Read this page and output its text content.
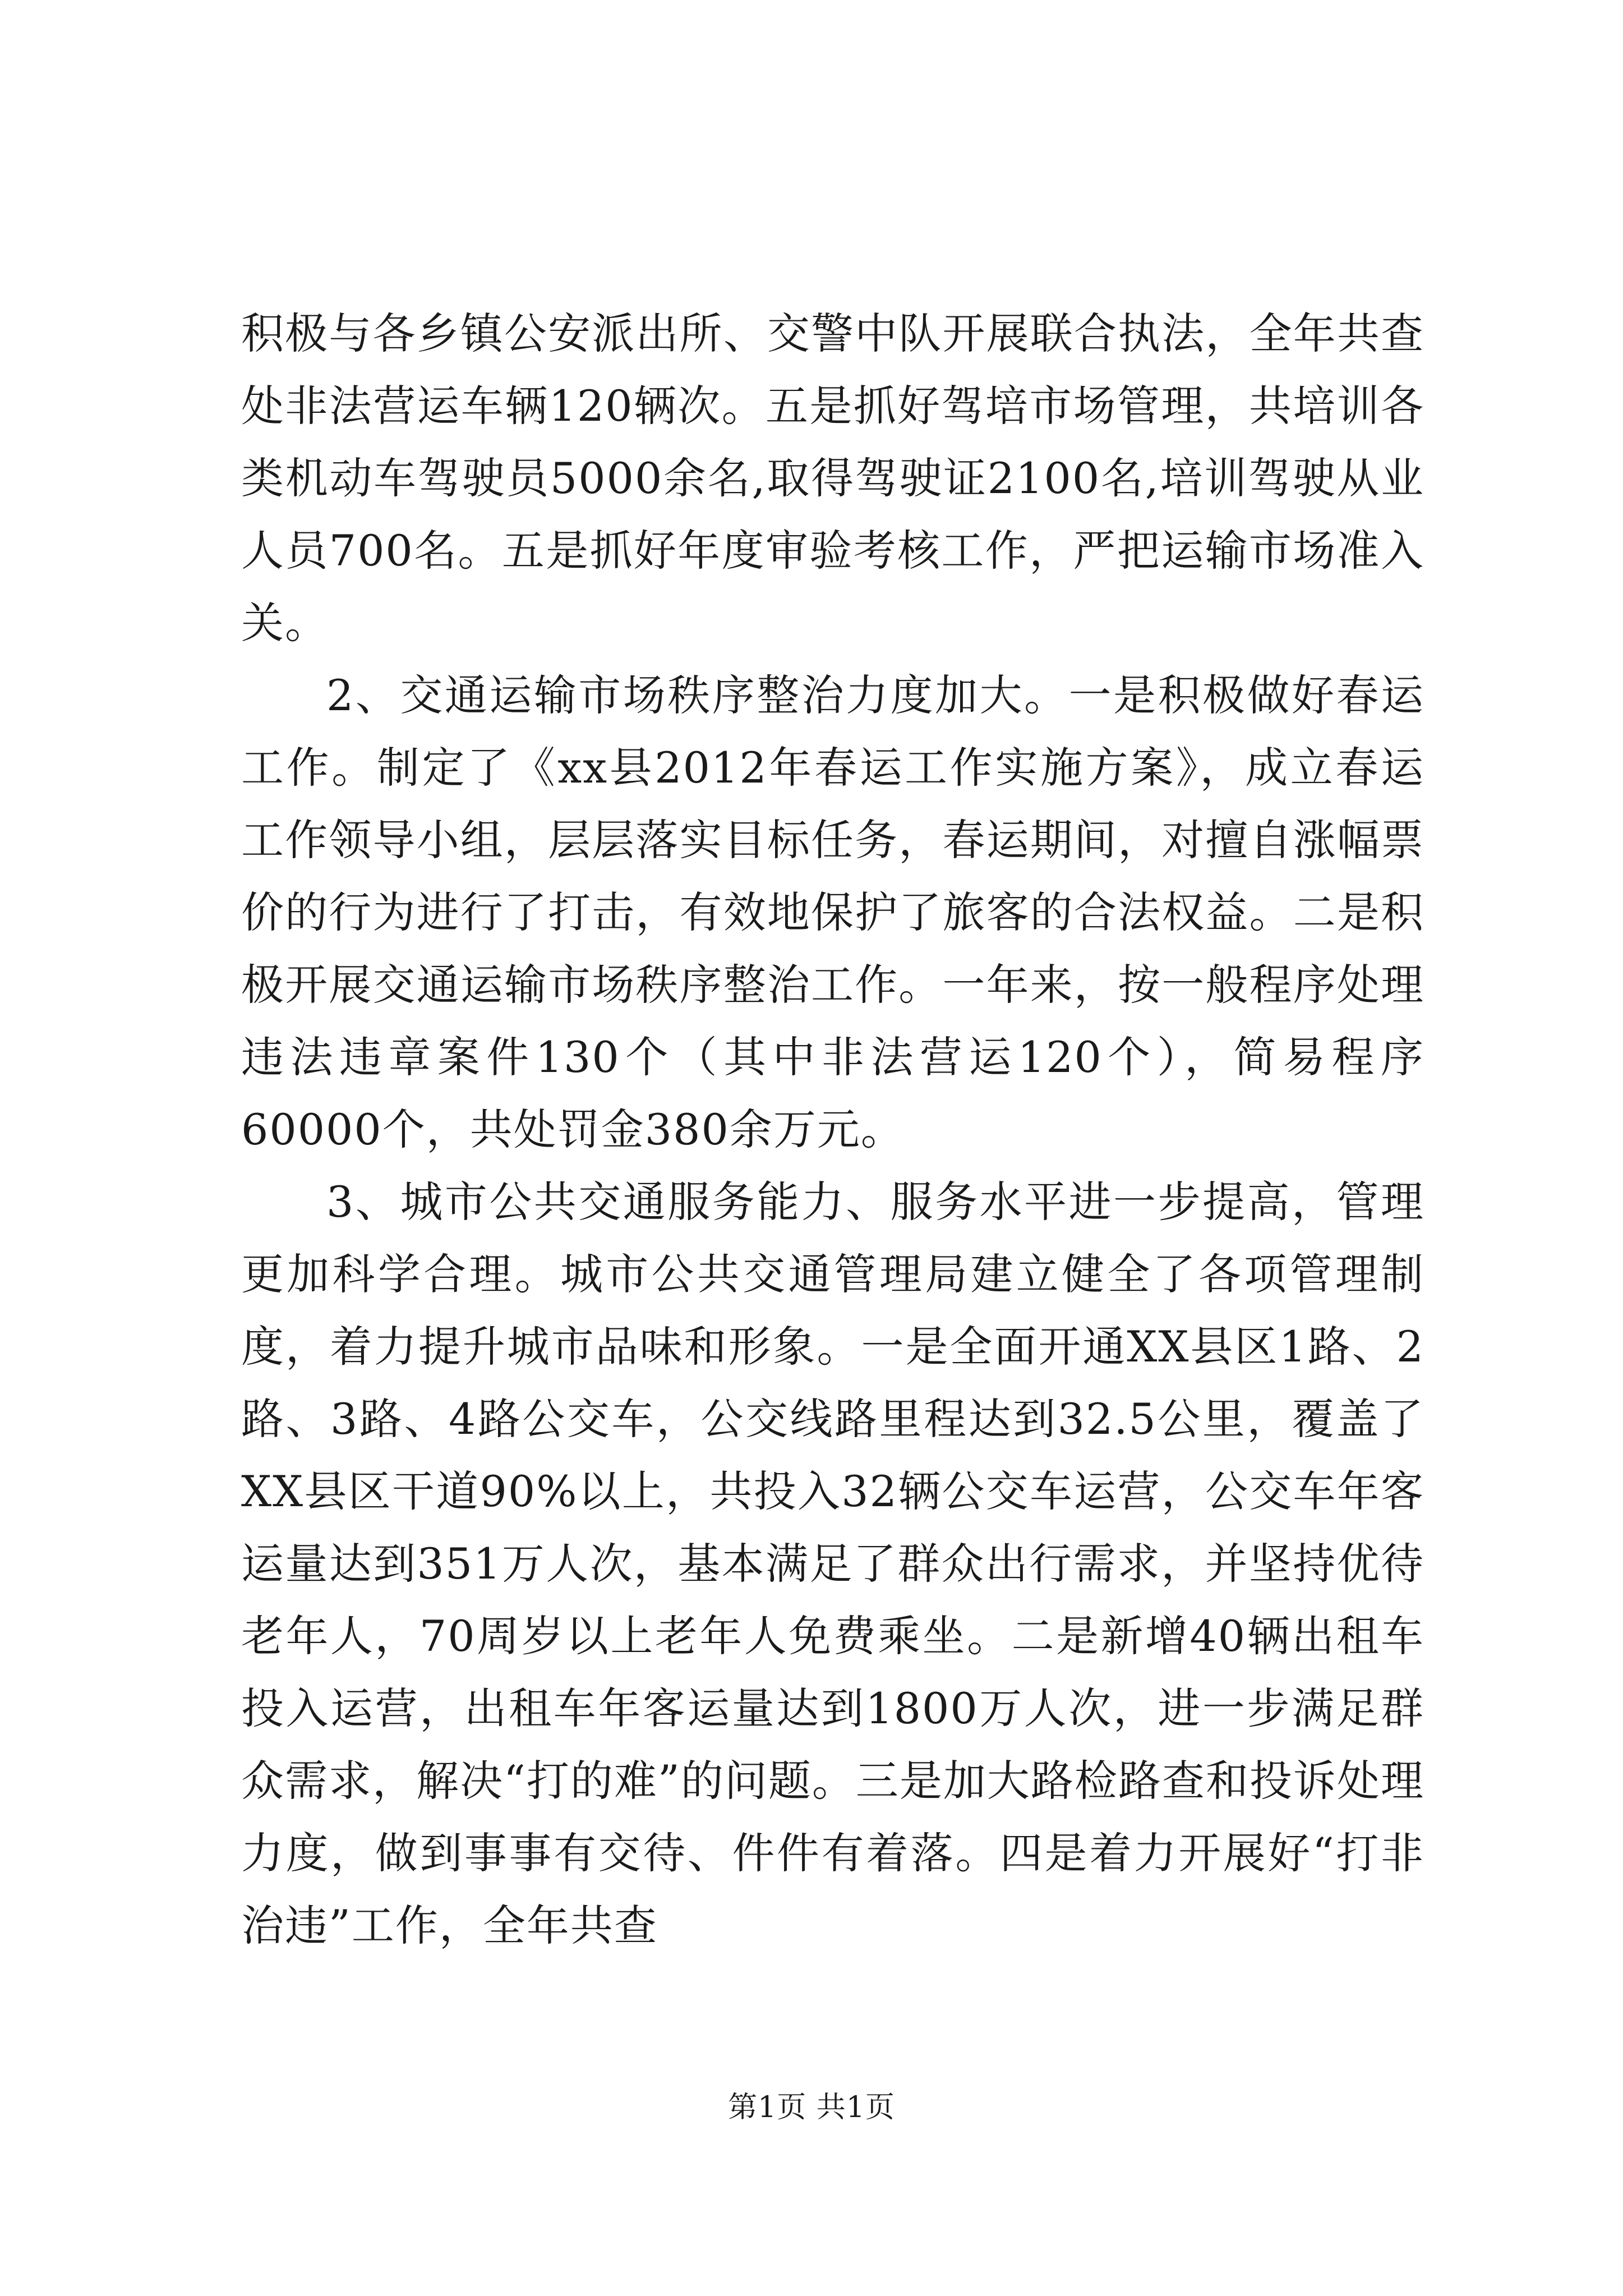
积极与各乡镇公安派出所、交警中队开展联合执法，全年共查处非法营运车辆120辆次。五是抓好驾培市场管理，共培训各类机动车驾驶员5000余名,取得驾驶证2100名,培训驾驶从业人员700名。五是抓好年度审验考核工作，严把运输市场准入关。

2、交通运输市场秩序整治力度加大。一是积极做好春运工作。制定了《xx县2012年春运工作实施方案》，成立春运工作领导小组，层层落实目标任务，春运期间，对擅自涨幅票价的行为进行了打击，有效地保护了旅客的合法权益。二是积极开展交通运输市场秩序整治工作。一年来，按一般程序处理违法违章案件130个（其中非法营运120个），简易程序60000个，共处罚金380余万元。

3、城市公共交通服务能力、服务水平进一步提高，管理更加科学合理。城市公共交通管理局建立健全了各项管理制度，着力提升城市品味和形象。一是全面开通XX县区1路、2路、3路、4路公交车，公交线路里程达到32.5公里，覆盖了XX县区干道90%以上，共投入32辆公交车运营，公交车年客运量达到351万人次，基本满足了群众出行需求，并坚持优待老年人，70周岁以上老年人免费乘坐。二是新增40辆出租车投入运营，出租车年客运量达到1800万人次，进一步满足群众需求，解决“打的难”的问题。三是加大路检路查和投诉处理力度，做到事事有交待、件件有着落。四是着力开展好“打非治违”工作，全年共查

第1页 共1页
